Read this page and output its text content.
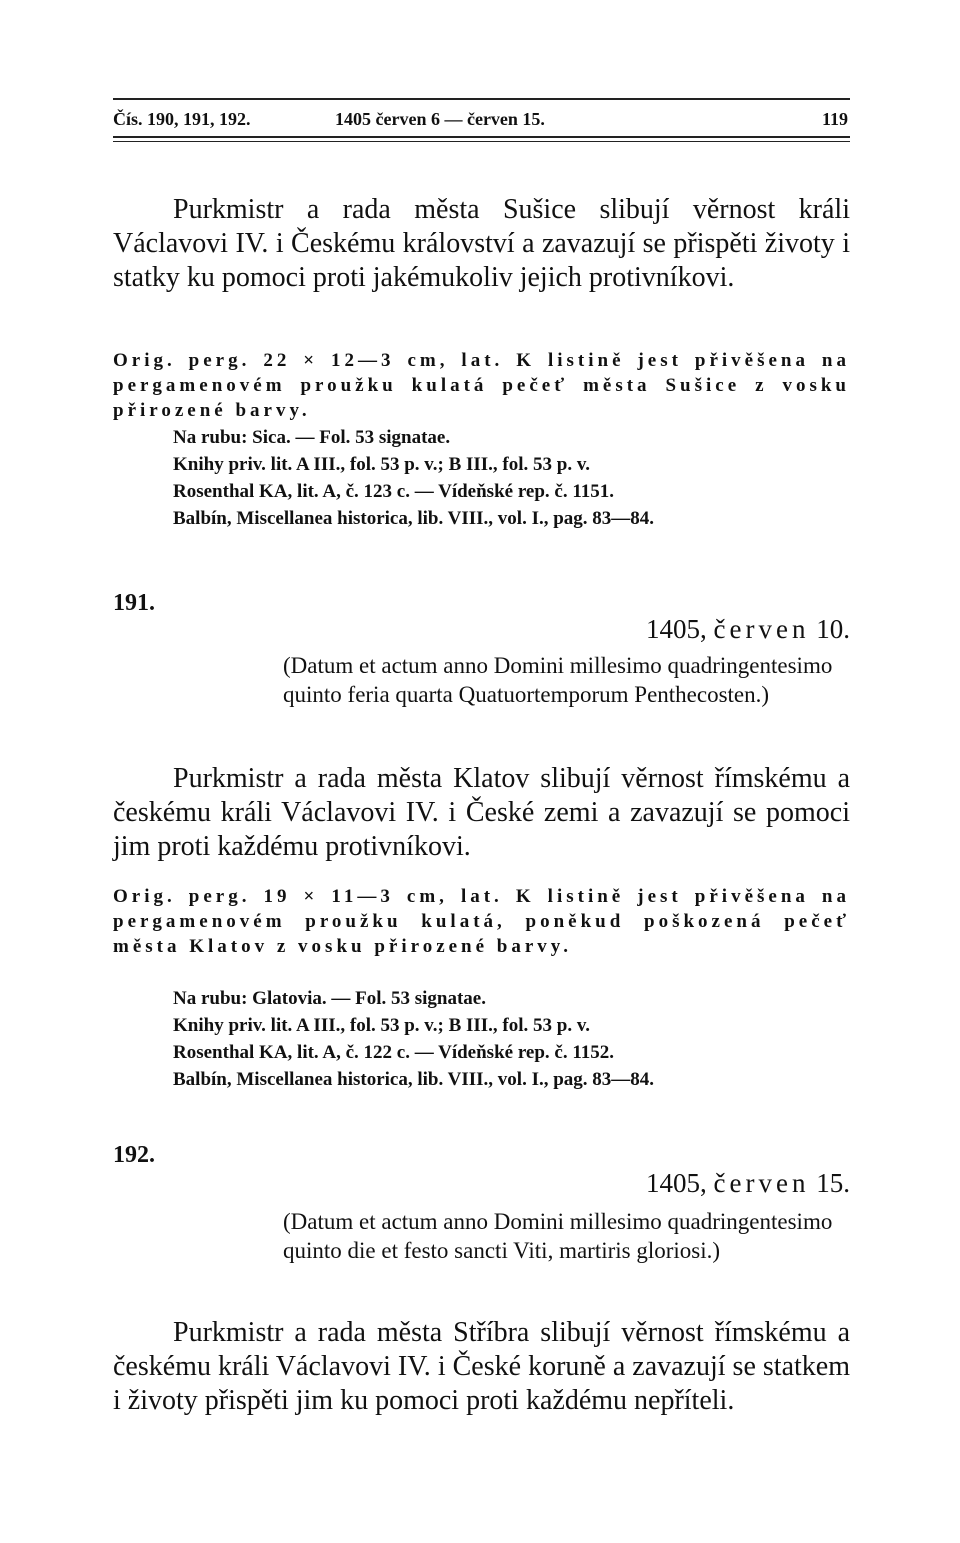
Čís. 190, 191, 192.	1405 červen 6 — červen 15.	119

Purkmistr a rada města Sušice slibují věrnost králi Václavovi IV. i Českému království a zavazují se přispěti životy i statky ku pomoci proti jakémukoliv jejich protivníkovi.

Orig. perg. 22 × 12—3 cm, lat. K listině jest přivěšena na pergamenovém proužku kulatá pečeť města Sušice z vosku přirozené barvy.

Na rubu: Sica. — Fol. 53 signatae.
Knihy priv. lit. A III., fol. 53 p. v.; B III., fol. 53 p. v.
Rosenthal KA, lit. A, č. 123 c. — Vídeňské rep. č. 1151.
Balbín, Miscellanea historica, lib. VIII., vol. I., pag. 83—84.
191.
1405, červen 10.

(Datum et actum anno Domini millesimo quadringentesimo quinto feria quarta Quatuortemporum Penthecosten.)

Purkmistr a rada města Klatov slibují věrnost římskému a českému králi Václavovi IV. i České zemi a zavazují se pomoci jim proti každému protivníkovi.

Orig. perg. 19 × 11—3 cm, lat. K listině jest přivěšena na pergamenovém proužku kulatá, poněkud poškozená pečeť města Klatov z vosku přirozené barvy.

Na rubu: Glatovia. — Fol. 53 signatae.
Knihy priv. lit. A III., fol. 53 p. v.; B III., fol. 53 p. v.
Rosenthal KA, lit. A, č. 122 c. — Vídeňské rep. č. 1152.
Balbín, Miscellanea historica, lib. VIII., vol. I., pag. 83—84.
192.
1405, červen 15.

(Datum et actum anno Domini millesimo quadringentesimo quinto die et festo sancti Viti, martiris gloriosi.)

Purkmistr a rada města Stříbra slibují věrnost římskému a českému králi Václavovi IV. i České koruně a zavazují se statkem i životy přispěti jim ku pomoci proti každému nepříteli.
